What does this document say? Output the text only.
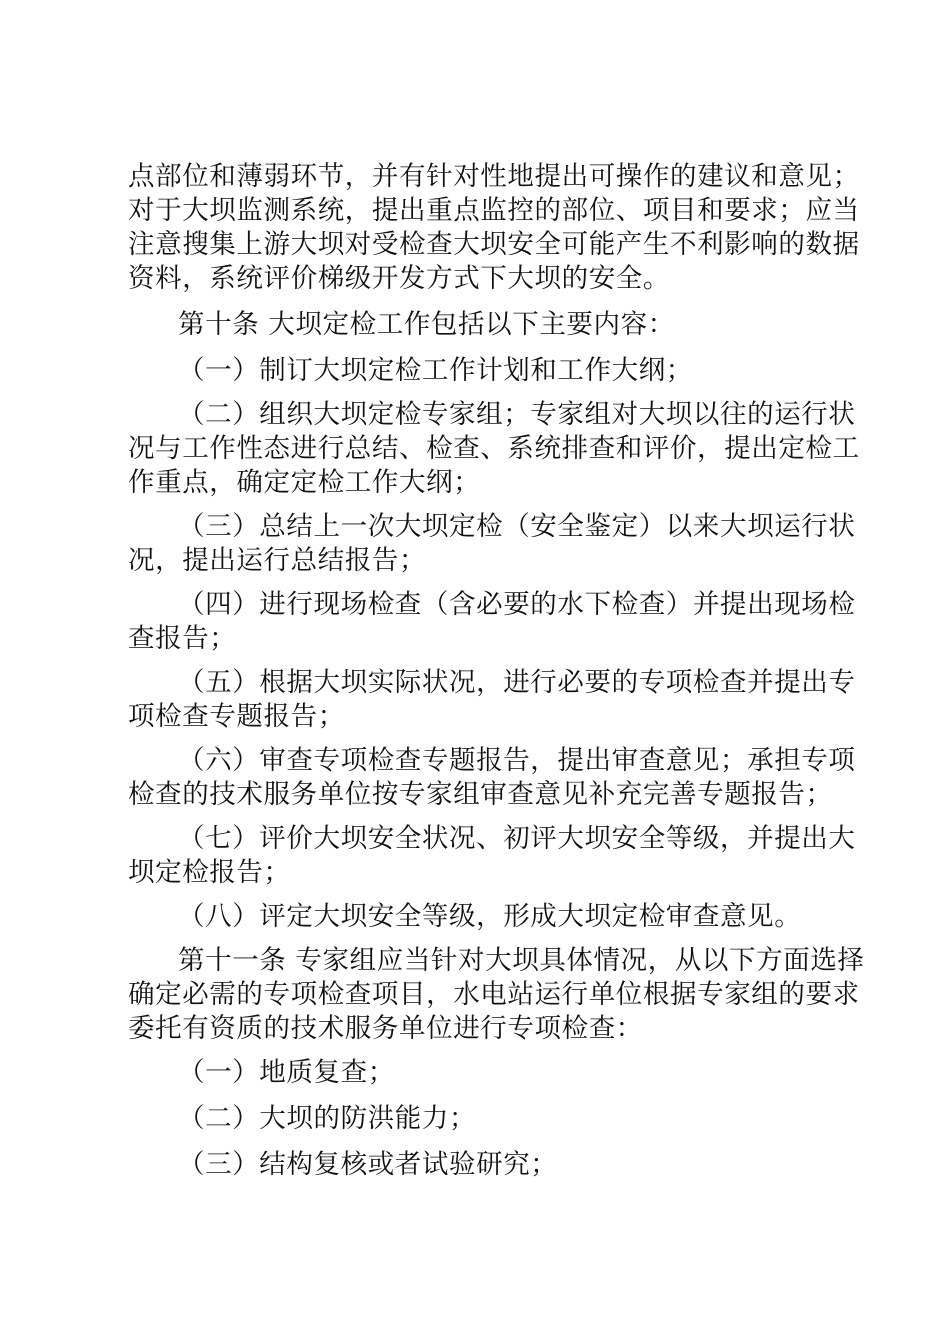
点部位和薄弱环节，并有针对性地提出可操作的建议和意见；
对于大坝监测系统，提出重点监控的部位、项目和要求；应当
注意搜集上游大坝对受检查大坝安全可能产生不利影响的数据
资料，系统评价梯级开发方式下大坝的安全。
第十条 大坝定检工作包括以下主要内容：
（一）制订大坝定检工作计划和工作大纲；
（二）组织大坝定检专家组；专家组对大坝以往的运行状
况与工作性态进行总结、检查、系统排查和评价，提出定检工
作重点，确定定检工作大纲；
（三）总结上一次大坝定检（安全鉴定）以来大坝运行状
况，提出运行总结报告；
（四）进行现场检查（含必要的水下检查）并提出现场检
查报告；
（五）根据大坝实际状况，进行必要的专项检查并提出专
项检查专题报告；
（六）审查专项检查专题报告，提出审查意见；承担专项
检查的技术服务单位按专家组审查意见补充完善专题报告；
（七）评价大坝安全状况、初评大坝安全等级，并提出大
坝定检报告；
（八）评定大坝安全等级，形成大坝定检审查意见。
第十一条 专家组应当针对大坝具体情况，从以下方面选择
确定必需的专项检查项目，水电站运行单位根据专家组的要求
委托有资质的技术服务单位进行专项检查：
（一）地质复查；
（二）大坝的防洪能力；
（三）结构复核或者试验研究；
